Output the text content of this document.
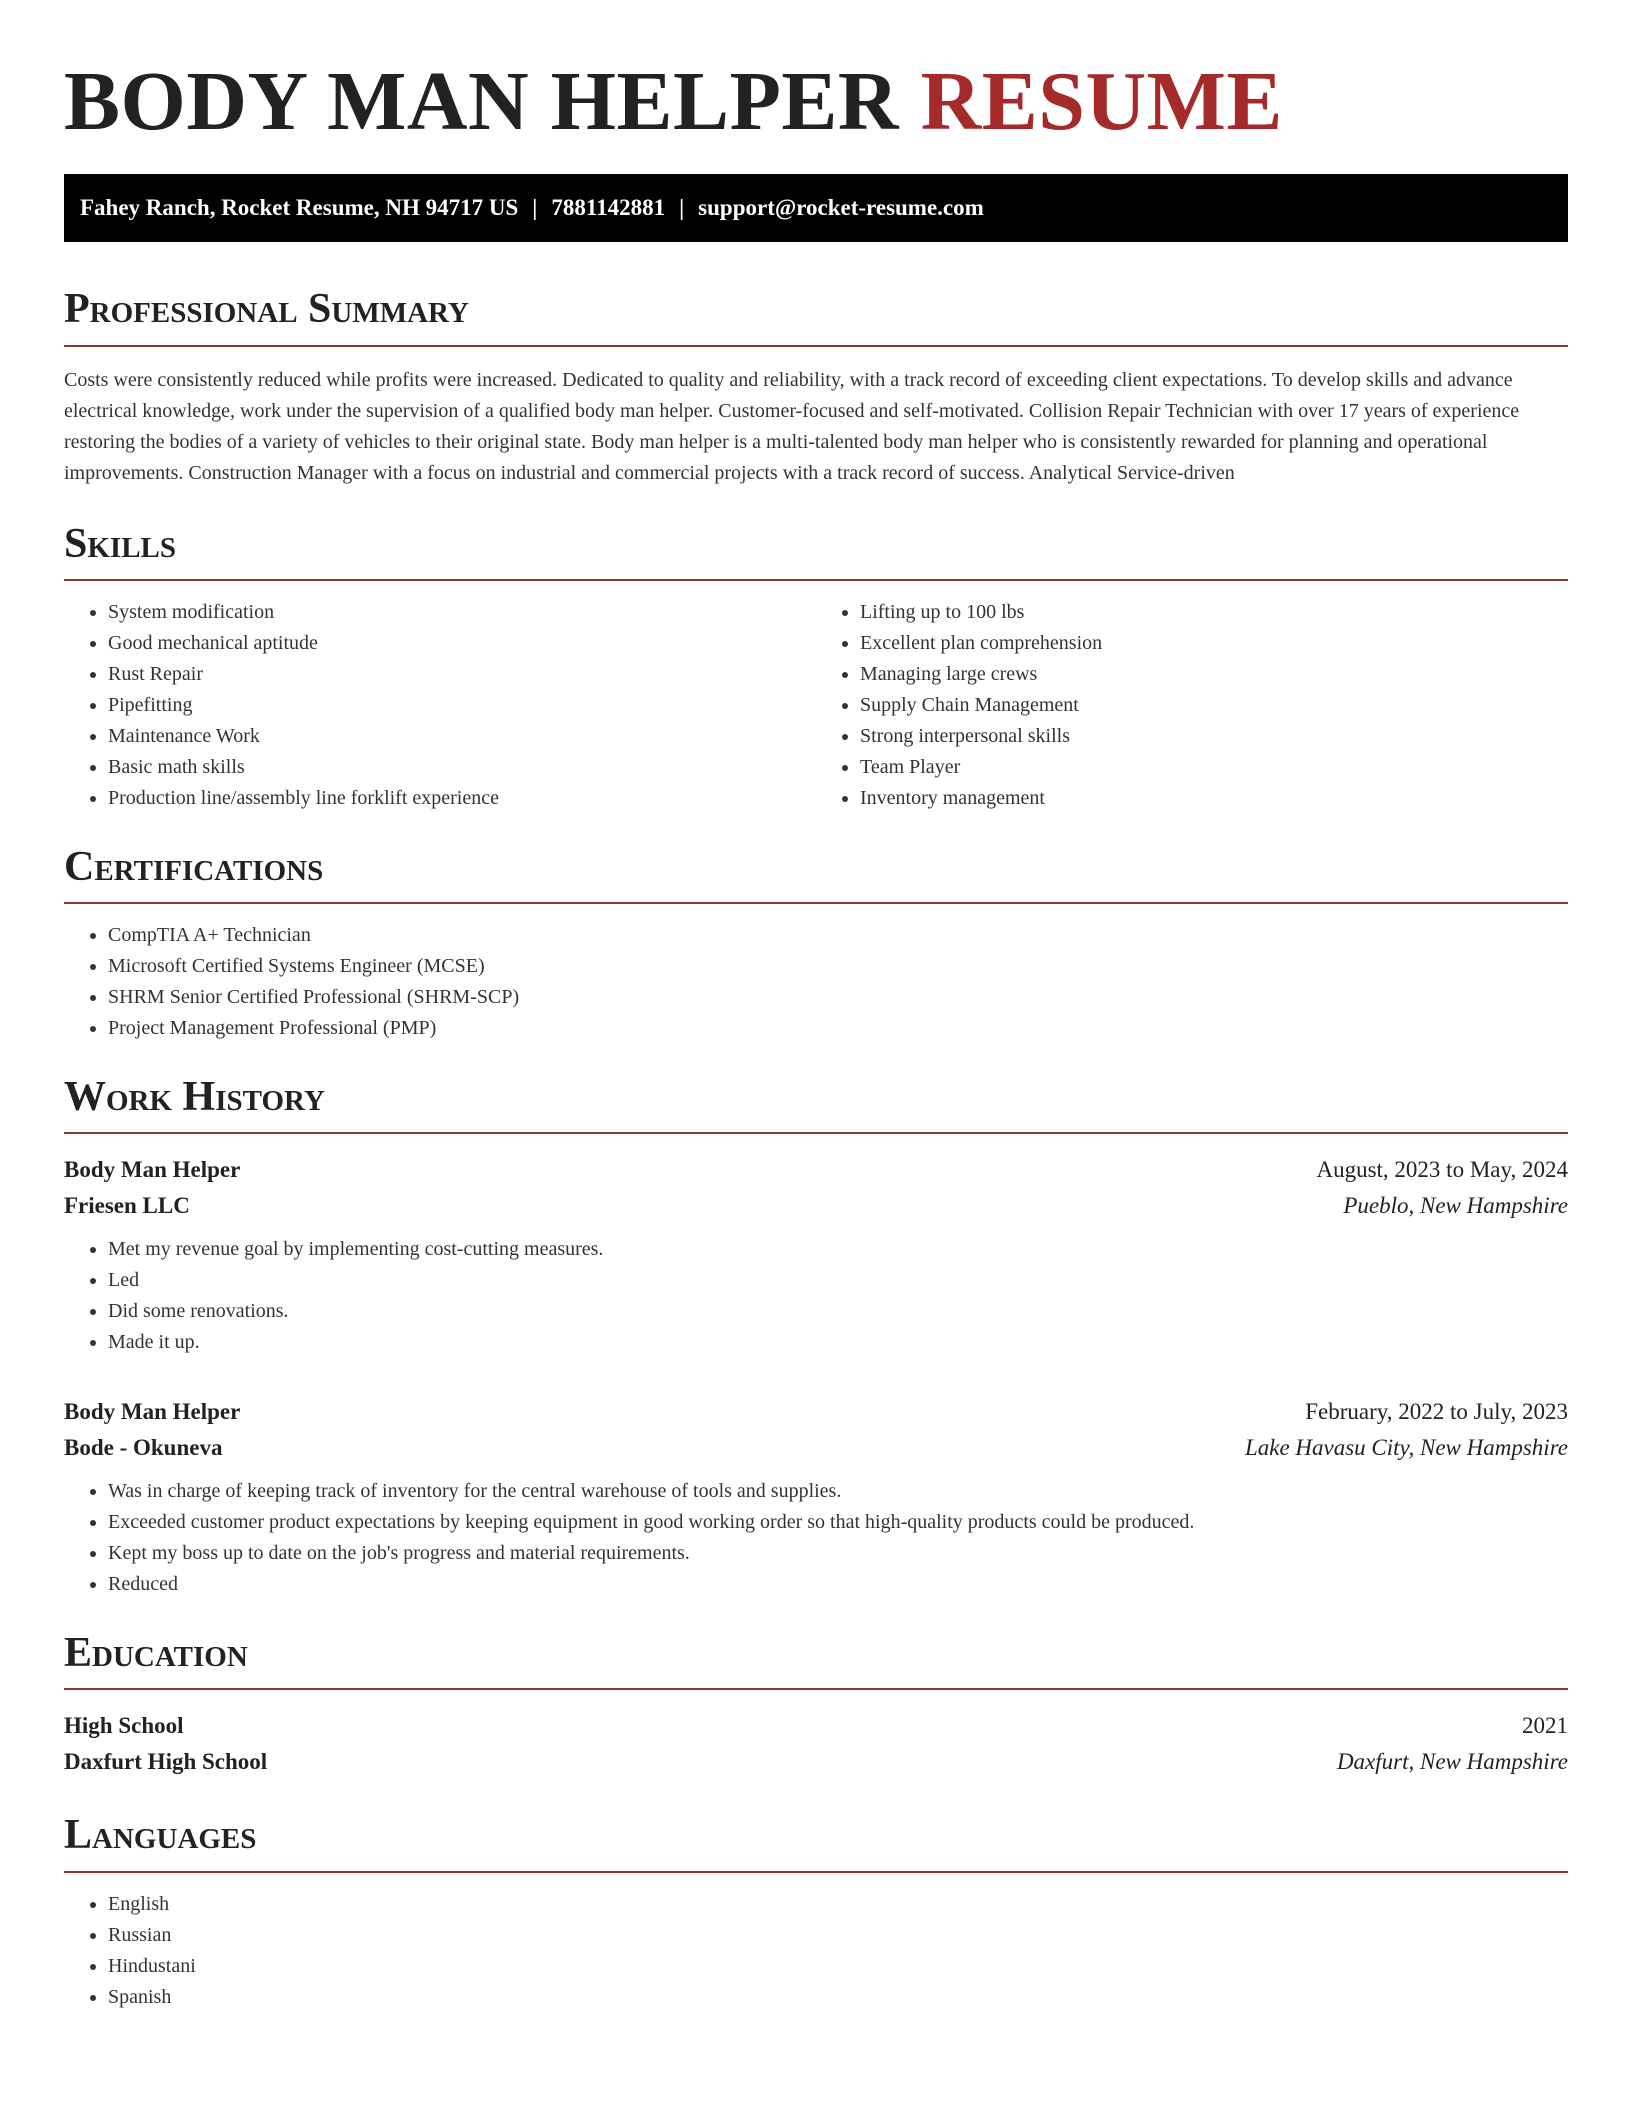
BODY MAN HELPER RESUME
Fahey Ranch, Rocket Resume, NH 94717 US | 7881142881 | support@rocket-resume.com
Professional Summary

Costs were consistently reduced while profits were increased. Dedicated to quality and reliability, with a track record of exceeding client expectations. To develop skills and advance electrical knowledge, work under the supervision of a qualified body man helper. Customer-focused and self-motivated. Collision Repair Technician with over 17 years of experience restoring the bodies of a variety of vehicles to their original state. Body man helper is a multi-talented body man helper who is consistently rewarded for planning and operational improvements. Construction Manager with a focus on industrial and commercial projects with a track record of success. Analytical Service-driven

Skills
• System modification
• Good mechanical aptitude
• Rust Repair
• Pipefitting
• Maintenance Work
• Basic math skills
• Production line/assembly line forklift experience
• Lifting up to 100 lbs
• Excellent plan comprehension
• Managing large crews
• Supply Chain Management
• Strong interpersonal skills
• Team Player
• Inventory management
Certifications
• CompTIA A+ Technician
• Microsoft Certified Systems Engineer (MCSE)
• SHRM Senior Certified Professional (SHRM-SCP)
• Project Management Professional (PMP)
Work History
Body Man Helper	August, 2023 to May, 2024
Friesen LLC	Pueblo, New Hampshire
• Met my revenue goal by implementing cost-cutting measures.
• Led
• Did some renovations.
• Made it up.
Body Man Helper	February, 2022 to July, 2023
Bode - Okuneva	Lake Havasu City, New Hampshire
• Was in charge of keeping track of inventory for the central warehouse of tools and supplies.
• Exceeded customer product expectations by keeping equipment in good working order so that high-quality products could be produced.
• Kept my boss up to date on the job's progress and material requirements.
• Reduced
Education
High School	2021
Daxfurt High School	Daxfurt, New Hampshire
Languages
• English
• Russian
• Hindustani
• Spanish
